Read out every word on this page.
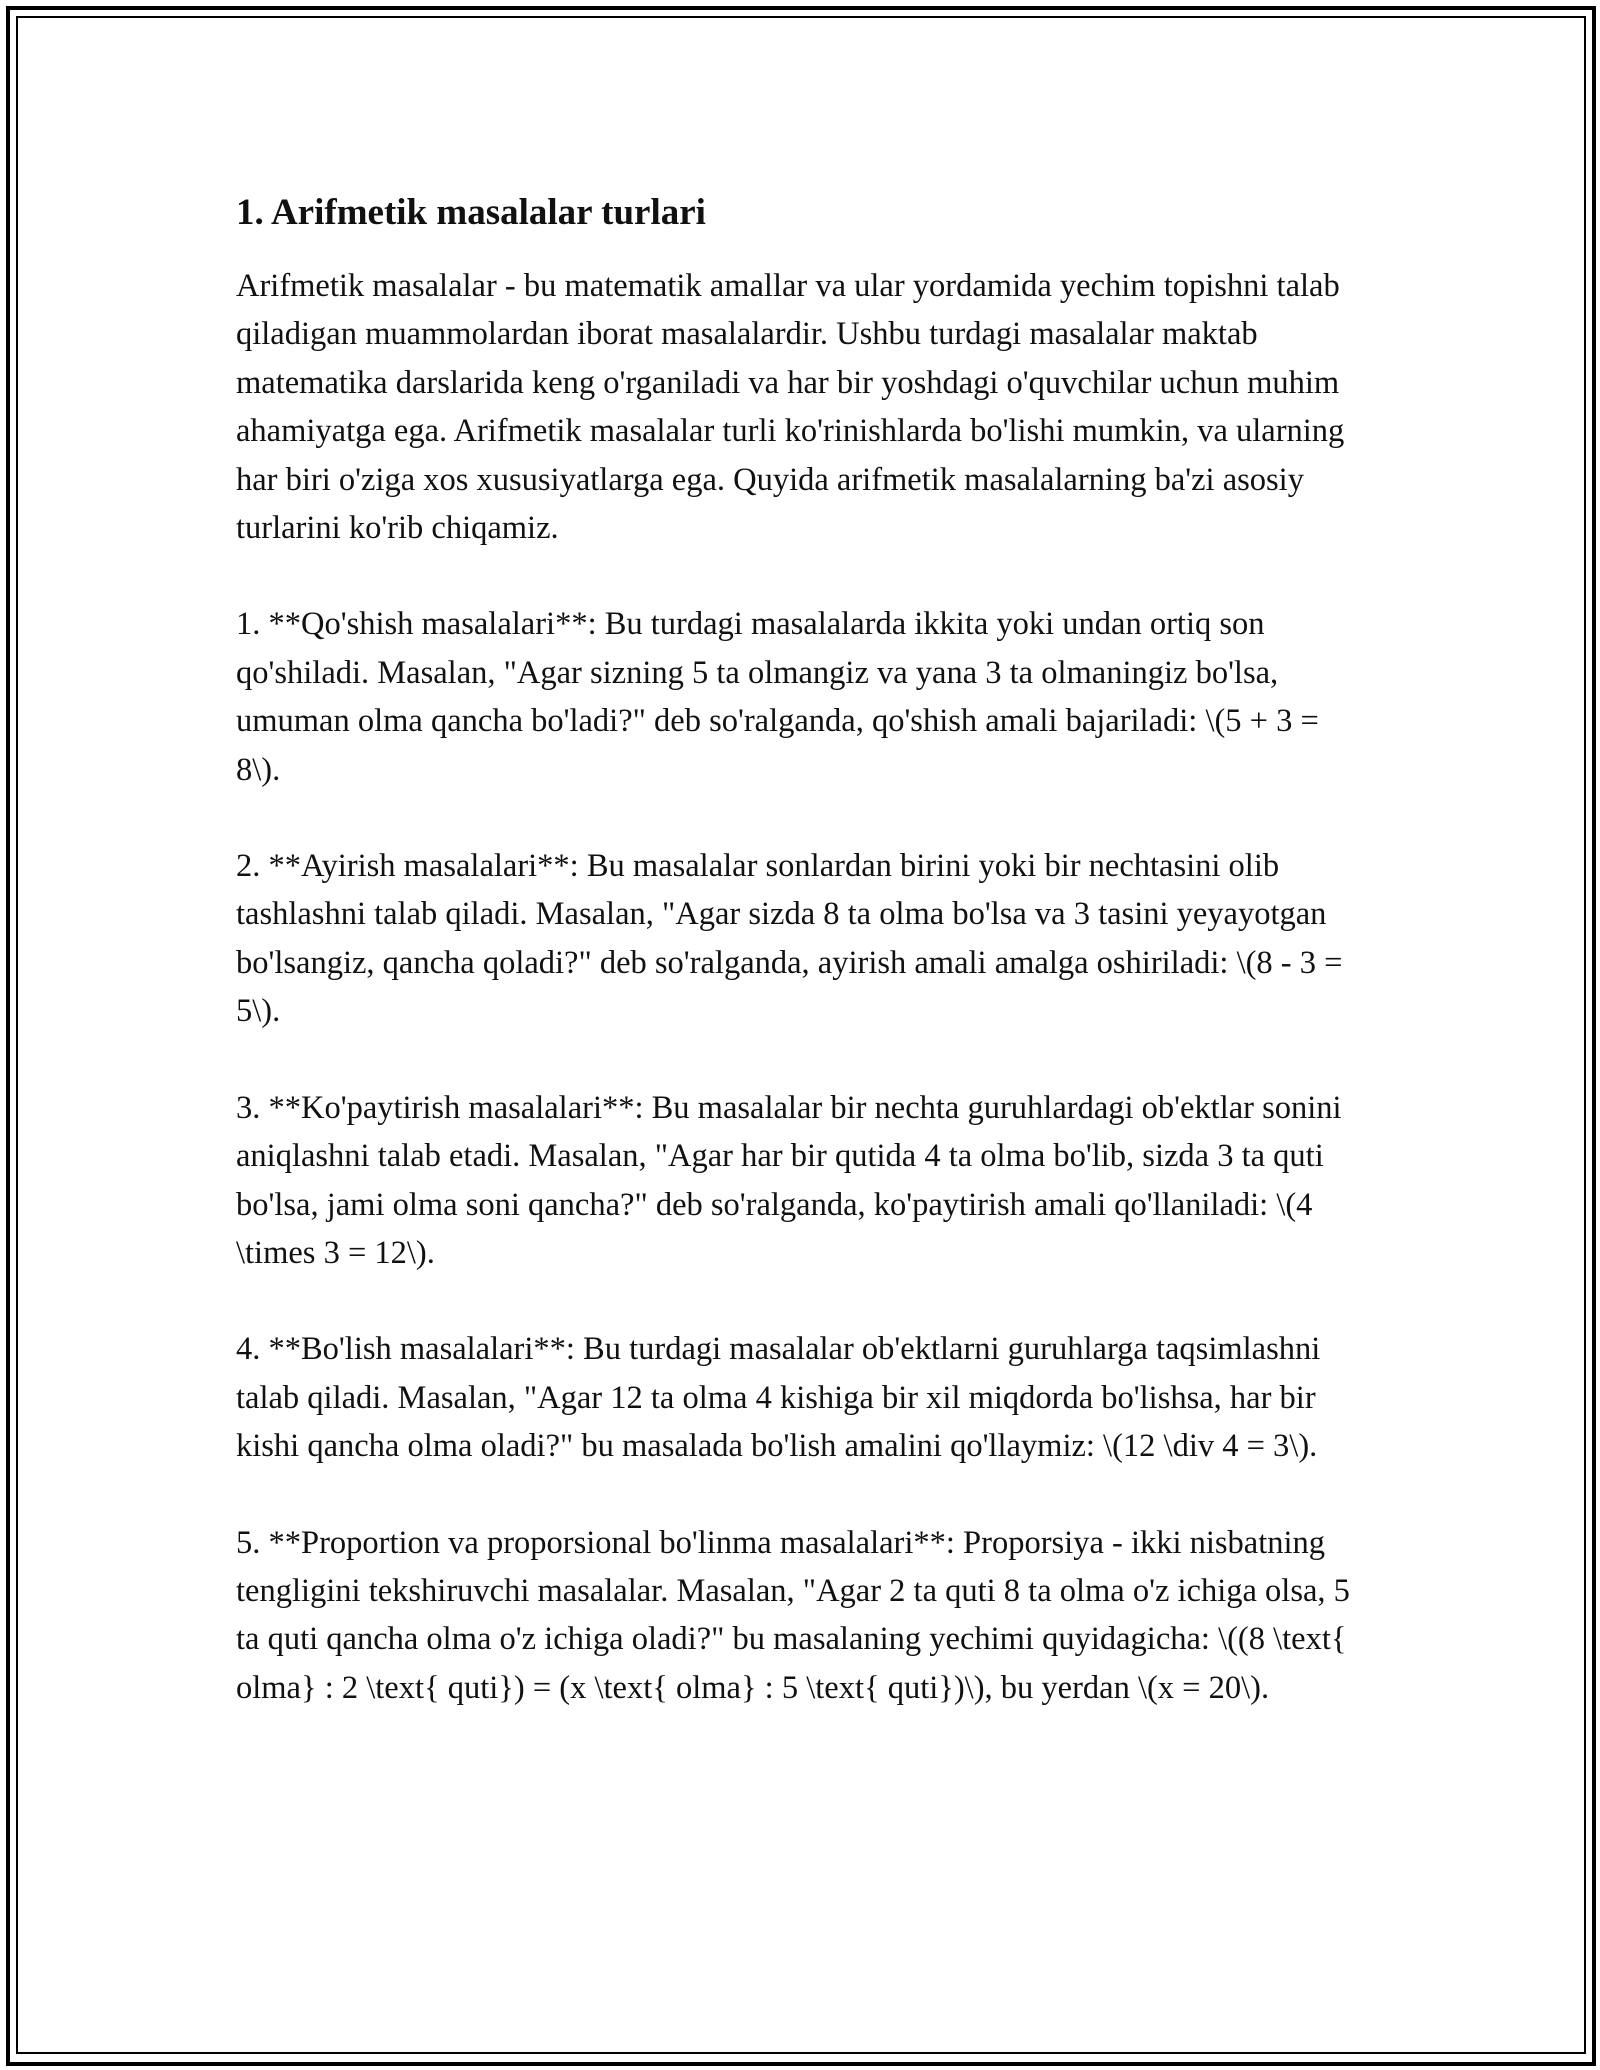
1. Arifmetik masalalar turlari

Arifmetik masalalar - bu matematik amallar va ular yordamida yechim topishni talab qiladigan muammolardan iborat masalalardir. Ushbu turdagi masalalar maktab matematika darslarida keng o'rganiladi va har bir yoshdagi o'quvchilar uchun muhim ahamiyatga ega. Arifmetik masalalar turli ko'rinishlarda bo'lishi mumkin, va ularning har biri o'ziga xos xususiyatlarga ega. Quyida arifmetik masalalarning ba'zi asosiy turlarini ko'rib chiqamiz.

1. **Qo'shish masalalari**: Bu turdagi masalalarda ikkita yoki undan ortiq son qo'shiladi. Masalan, "Agar sizning 5 ta olmangiz va yana 3 ta olmaningiz bo'lsa, umuman olma qancha bo'ladi?" deb so'ralganda, qo'shish amali bajariladi: \(5 + 3 = 8\).

2. **Ayirish masalalari**: Bu masalalar sonlardan birini yoki bir nechtasini olib tashlashni talab qiladi. Masalan, "Agar sizda 8 ta olma bo'lsa va 3 tasini yeyayotgan bo'lsangiz, qancha qoladi?" deb so'ralganda, ayirish amali amalga oshiriladi: \(8 - 3 = 5\).

3. **Ko'paytirish masalalari**: Bu masalalar bir nechta guruhlardagi ob'ektlar sonini aniqlashni talab etadi. Masalan, "Agar har bir qutida 4 ta olma bo'lib, sizda 3 ta quti bo'lsa, jami olma soni qancha?" deb so'ralganda, ko'paytirish amali qo'llaniladi: \(4 \times 3 = 12\).

4. **Bo'lish masalalari**: Bu turdagi masalalar ob'ektlarni guruhlarga taqsimlashni talab qiladi. Masalan, "Agar 12 ta olma 4 kishiga bir xil miqdorda bo'lishsa, har bir kishi qancha olma oladi?" bu masalada bo'lish amalini qo'llaymiz: \(12 \div 4 = 3\).

5. **Proportion va proporsional bo'linma masalalari**: Proporsiya - ikki nisbatning tengligini tekshiruvchi masalalar. Masalan, "Agar 2 ta quti 8 ta olma o'z ichiga olsa, 5 ta quti qancha olma o'z ichiga oladi?" bu masalaning yechimi quyidagicha: \((8 \text{ olma} : 2 \text{ quti}) = (x \text{ olma} : 5 \text{ quti})\), bu yerdan \(x = 20\).
